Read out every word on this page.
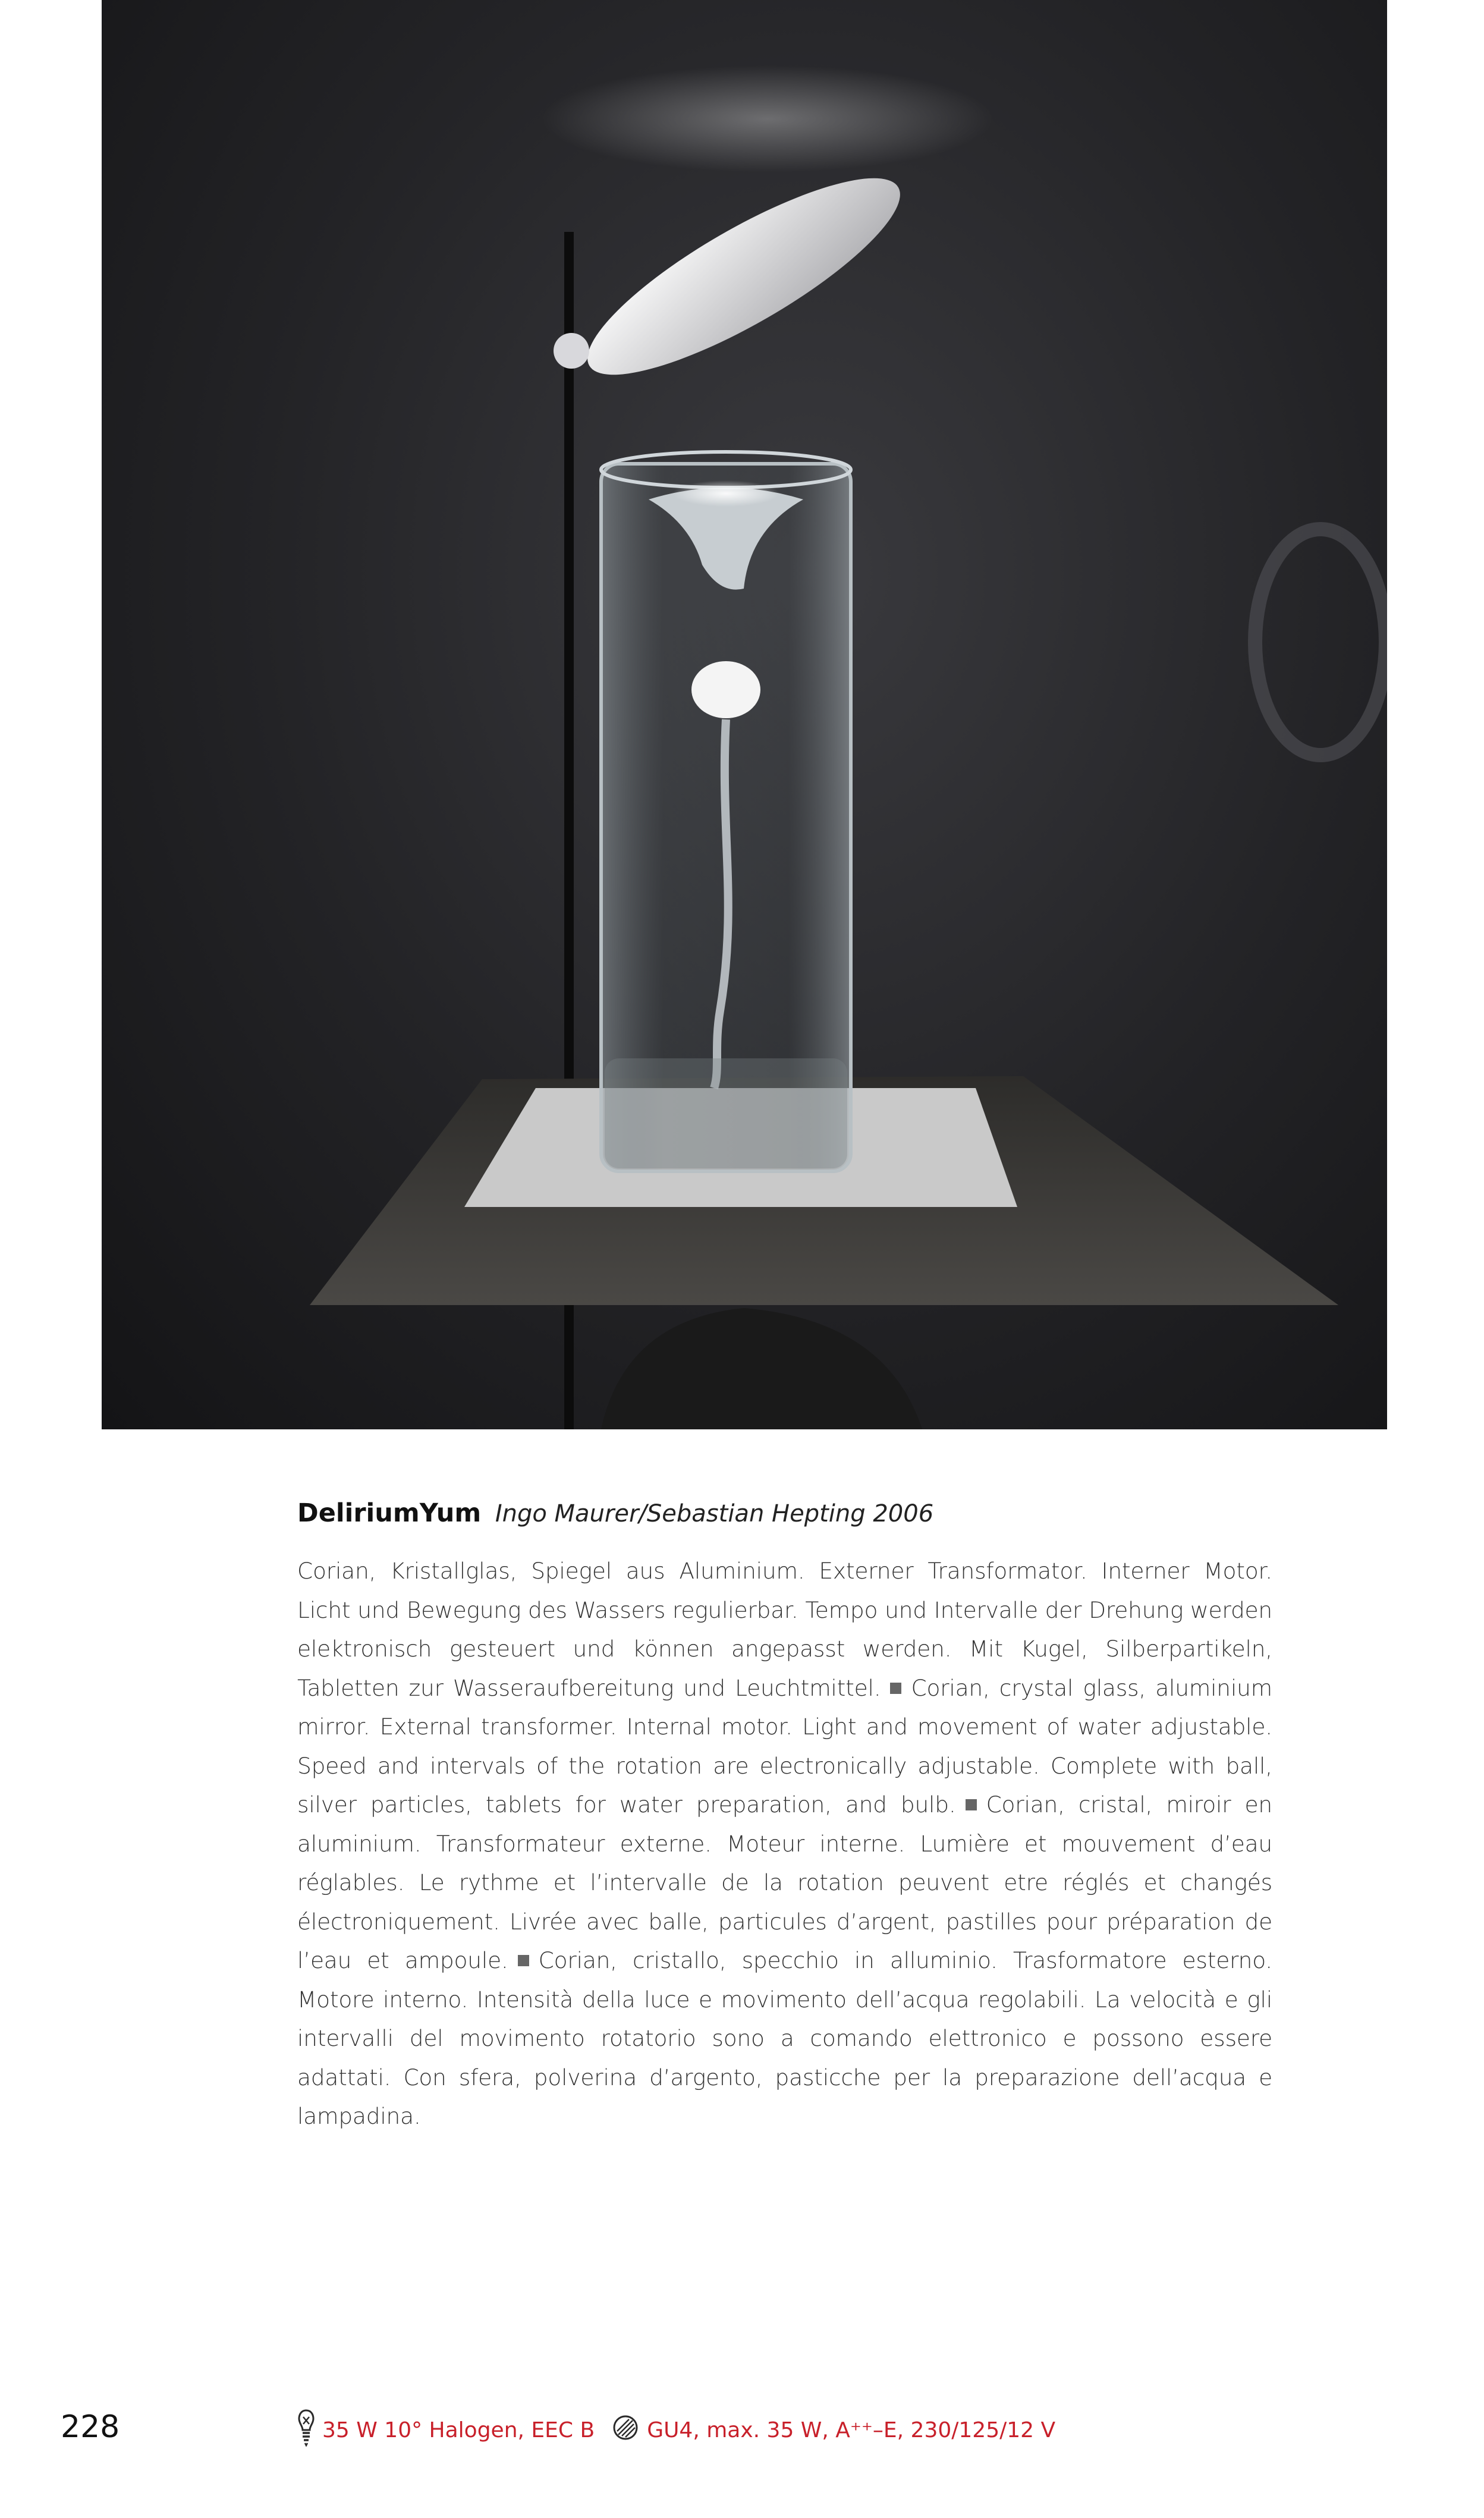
DeliriumYum Ingo Maurer/Sebastian Hepting 2006

Corian, Kristallglas, Spiegel aus Aluminium. Externer Transformator. Interner Motor. Licht und Bewegung des Wassers regulierbar. Tempo und Intervalle der Drehung werden elektronisch gesteuert und können angepasst werden. Mit Kugel, Silberpartikeln, Tabletten zur Wasseraufbereitung und Leuchtmittel. Corian, crystal glass, aluminium mirror. External transformer. Internal motor. Light and movement of water adjustable. Speed and intervals of the rotation are electronically adjustable. Complete with ball, silver particles, tablets for water preparation, and bulb. Corian, cristal, miroir en aluminium. Transformateur externe. Moteur interne. Lumière et mouvement d’eau réglables. Le rythme et l’intervalle de la rotation peuvent etre réglés et changés électroniquement. Livrée avec balle, particules d’argent, pastilles pour préparation de l’eau et ampoule. Corian, cristallo, specchio in alluminio. Trasformatore esterno. Motore interno. Intensità della luce e movimento dell’acqua regolabili. La velocità e gli intervalli del movimento rotatorio sono a comando elettronico e possono essere adattati. Con sfera, polverina d’argento, pasticche per la preparazione dell’acqua e lampadina.

228	35 W 10° Halogen, EEC B GU4, max. 35 W, A⁺⁺–E, 230/125/12 V
